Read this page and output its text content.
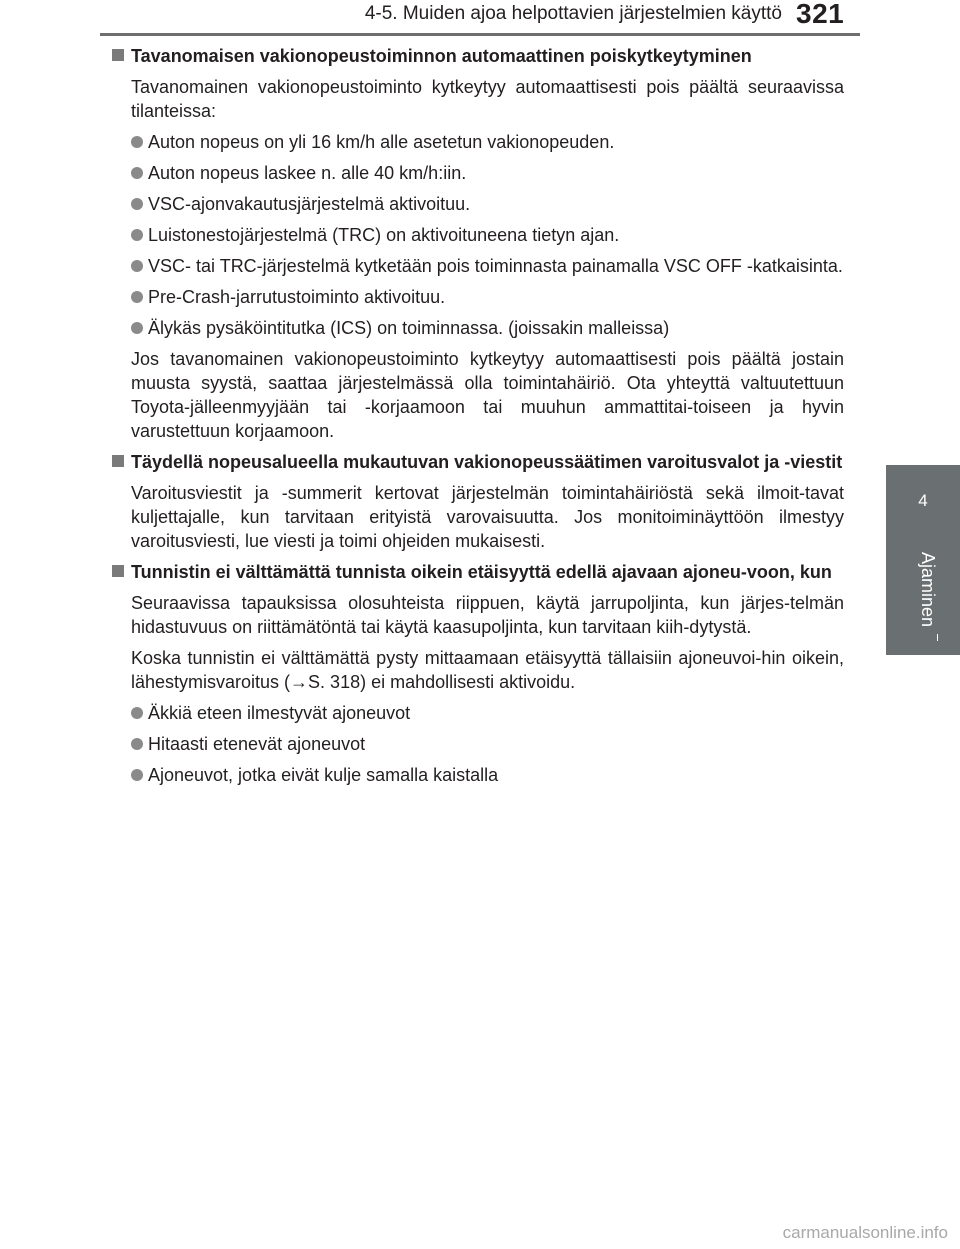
4-5. Muiden ajoa helpottavien järjestelmien käyttö 321
4
Ajaminen
Tavanomaisen vakionopeustoiminnon automaattinen poiskytkeytyminen
Tavanomainen vakionopeustoiminto kytkeytyy automaattisesti pois päältä seuraavissa tilanteissa:
Auton nopeus on yli 16 km/h alle asetetun vakionopeuden.
Auton nopeus laskee n. alle 40 km/h:iin.
VSC-ajonvakautusjärjestelmä aktivoituu.
Luistonestojärjestelmä (TRC) on aktivoituneena tietyn ajan.
VSC- tai TRC-järjestelmä kytketään pois toiminnasta painamalla VSC OFF -katkaisinta.
Pre-Crash-jarrutustoiminto aktivoituu.
Älykäs pysäköintitutka (ICS) on toiminnassa. (joissakin malleissa)
Jos tavanomainen vakionopeustoiminto kytkeytyy automaattisesti pois päältä jostain muusta syystä, saattaa järjestelmässä olla toimintahäiriö. Ota yhteyttä valtuutettuun Toyota-jälleenmyyjään tai -korjaamoon tai muuhun ammattitai-toiseen ja hyvin varustettuun korjaamoon.
Täydellä nopeusalueella mukautuvan vakionopeussäätimen varoitusvalot ja -viestit
Varoitusviestit ja -summerit kertovat järjestelmän toimintahäiriöstä sekä ilmoit-tavat kuljettajalle, kun tarvitaan erityistä varovaisuutta. Jos monitoiminäyttöön ilmestyy varoitusviesti, lue viesti ja toimi ohjeiden mukaisesti.
Tunnistin ei välttämättä tunnista oikein etäisyyttä edellä ajavaan ajoneu-voon, kun
Seuraavissa tapauksissa olosuhteista riippuen, käytä jarrupoljinta, kun järjes-telmän hidastuvuus on riittämätöntä tai käytä kaasupoljinta, kun tarvitaan kiih-dytystä.
Koska tunnistin ei välttämättä pysty mittaamaan etäisyyttä tällaisiin ajoneuvoi-hin oikein, lähestymisvaroitus (→S. 318) ei mahdollisesti aktivoidu.
Äkkiä eteen ilmestyvät ajoneuvot
Hitaasti etenevät ajoneuvot
Ajoneuvot, jotka eivät kulje samalla kaistalla
carmanualsonline.info
